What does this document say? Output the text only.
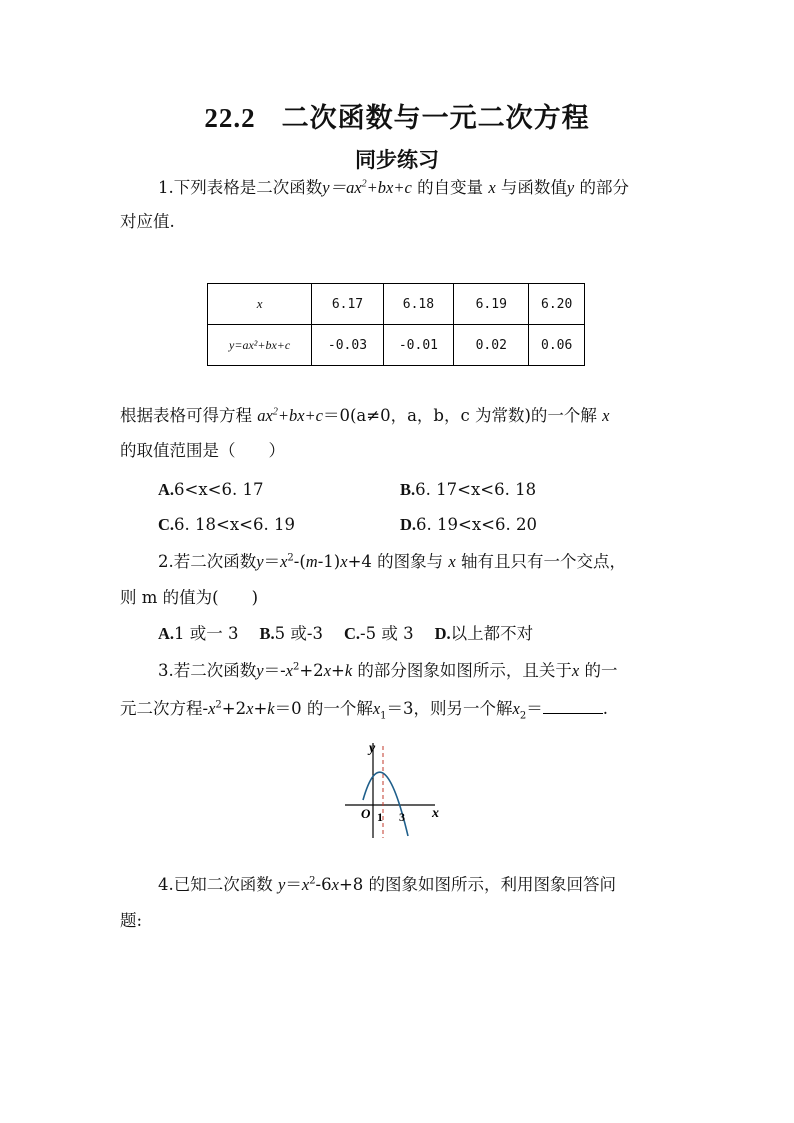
22.2 二次函数与一元二次方程
同步练习
1.下列表格是二次函数$y=ax^2+bx+c$ 的自变量 x 与函数值y 的部分
对应值.
x	6.17	6.18	6.19	6.20
y=ax²+bx+c	-0.03	-0.01	0.02	0.06
根据表格可得方程 $ax^2+bx+c=0(a\ne 0$，a，b，c 为常数)的一个解 x
的取值范围是（　　）
A.6<x<6. 17	B.6. 17<x<6. 18
C.6. 18<x<6. 19	D.6. 19<x<6. 20
2.若二次函数$y=x^2-(m-1)x+4$ 的图象与 x 轴有且只有一个交点，
则 m 的值为(　　)
A.1 或一 3 B.5 或-3 C.-5 或 3 D.以上都不对
3.若二次函数$y=-x^2+2x+k$ 的部分图象如图所示，且关于x 的一
元二次方程$-x^2+2x+k=0$ 的一个解$x_1=3$，则另一个解$x_2=$	.
O 1 3 x
y
4.已知二次函数 $y=x^2-6x+8$ 的图象如图所示，利用图象回答问
题:
